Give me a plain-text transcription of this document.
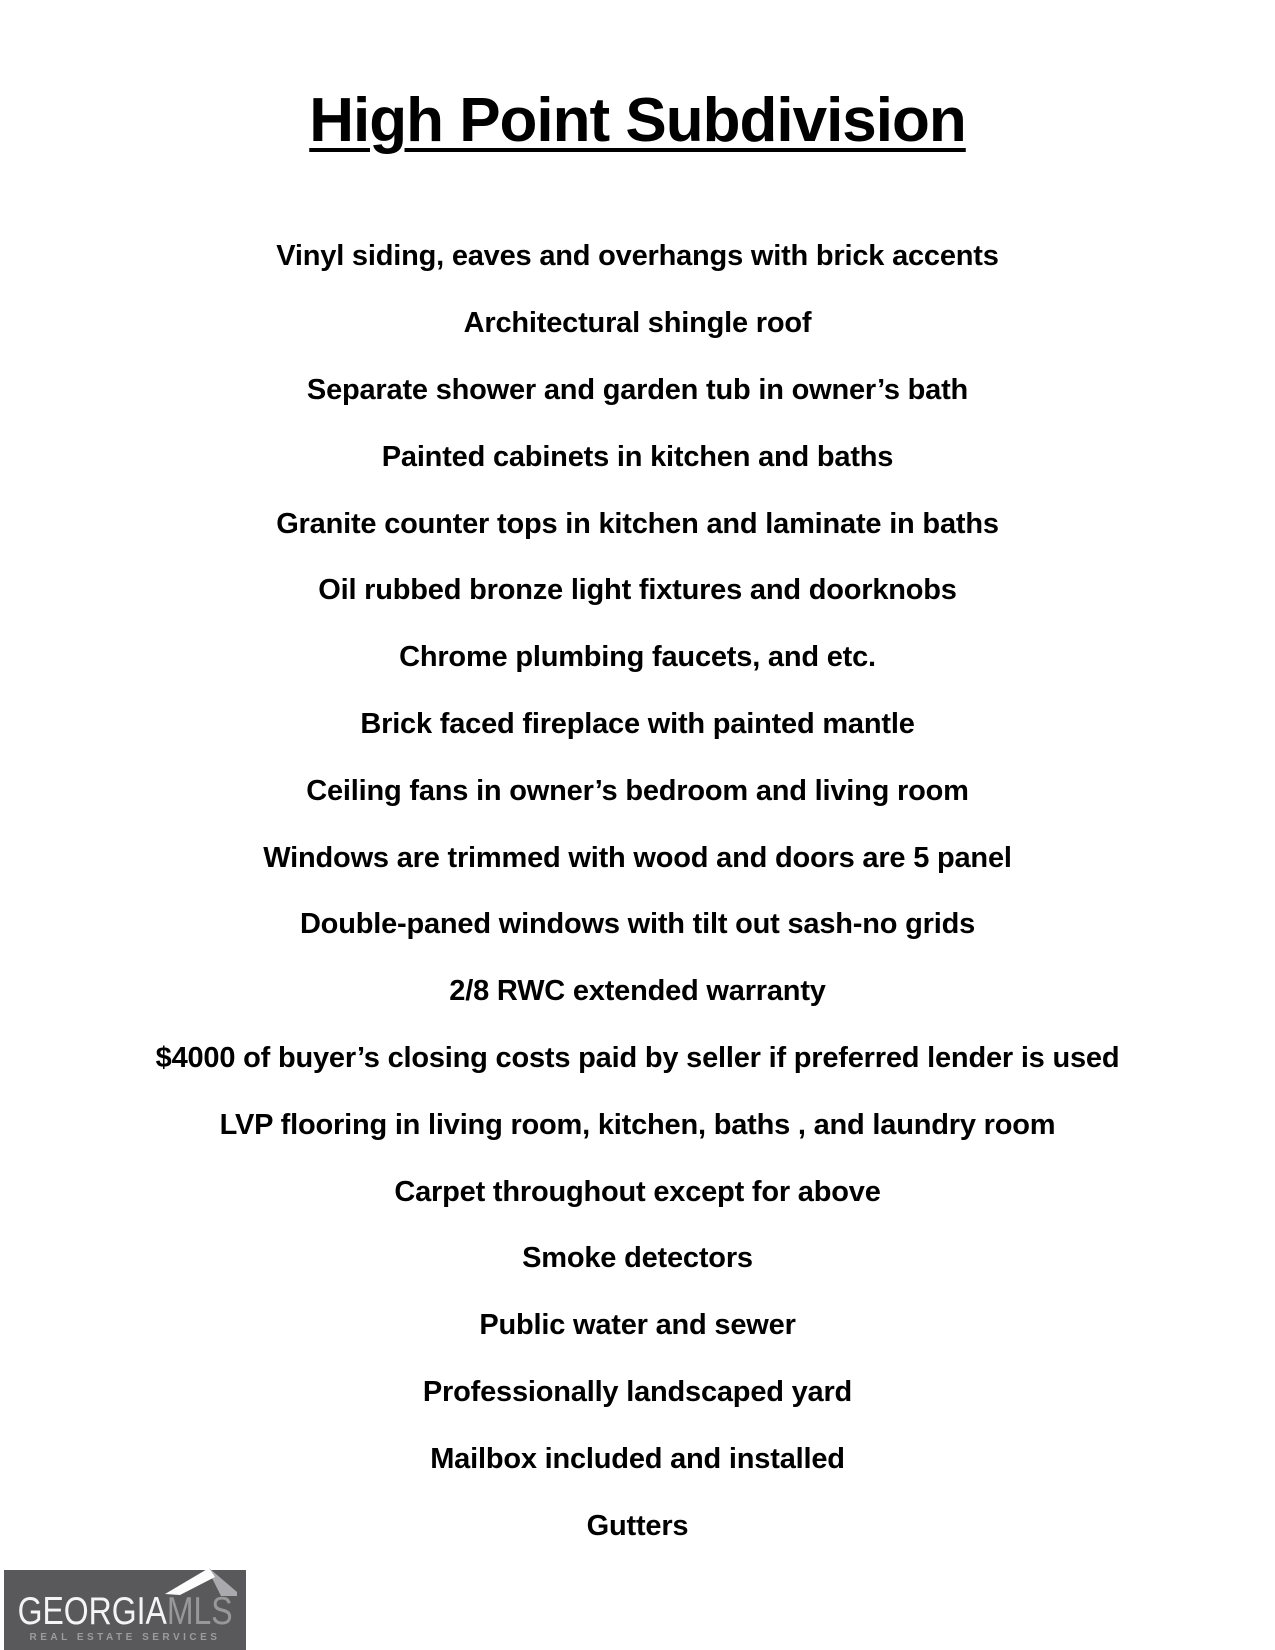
High Point Subdivision
Vinyl siding, eaves and overhangs with brick accents
Architectural shingle roof
Separate shower and garden tub in owner’s bath
Painted cabinets in kitchen and baths
Granite counter tops in kitchen and laminate in baths
Oil rubbed bronze light fixtures and doorknobs
Chrome plumbing faucets, and etc.
Brick faced fireplace with painted mantle
Ceiling fans in owner’s bedroom and living room
Windows are trimmed with wood and doors are 5 panel
Double-paned windows with tilt out sash-no grids
2/8 RWC extended warranty
$4000 of buyer’s closing costs paid by seller if preferred lender is used
LVP flooring in living room, kitchen, baths , and laundry room
Carpet throughout except for above
Smoke detectors
Public water and sewer
Professionally landscaped yard
Mailbox included and installed
Gutters
GEORGIAMLS
REAL ESTATE SERVICES
